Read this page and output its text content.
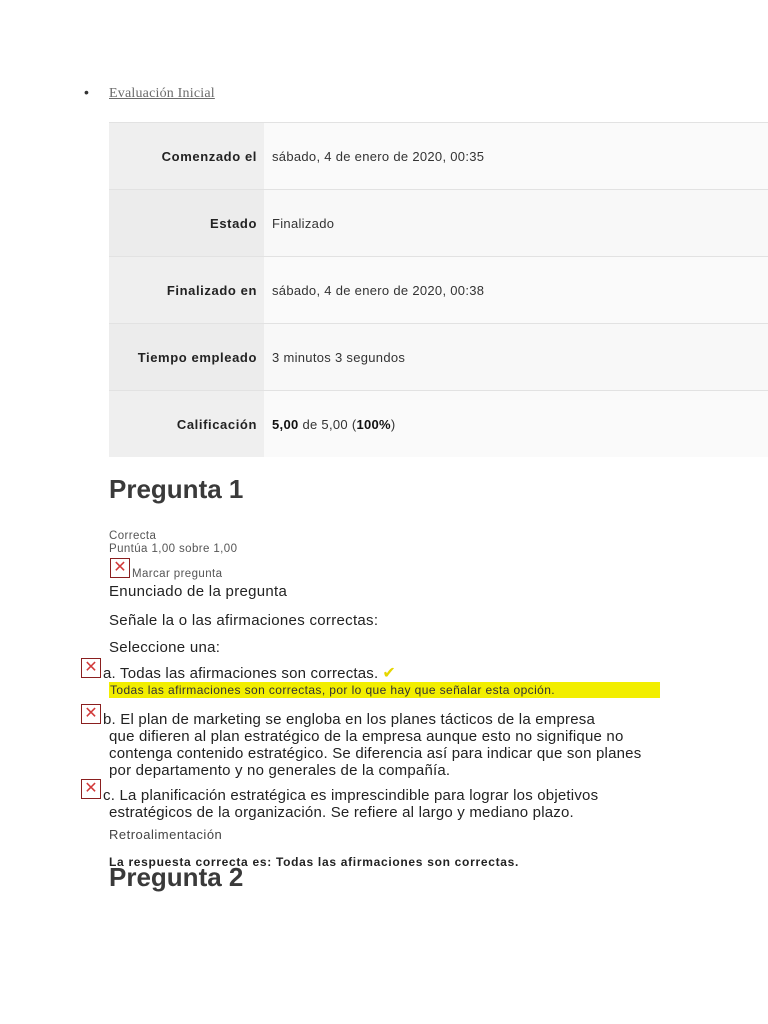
• Evaluación Inicial
Comenzado el	sábado, 4 de enero de 2020, 00:35
Estado	Finalizado
Finalizado en	sábado, 4 de enero de 2020, 00:38
Tiempo empleado	3 minutos 3 segundos
Calificación	5,00 de 5,00 (100%)
Pregunta 1
Correcta
Puntúa 1,00 sobre 1,00
✕ Marcar pregunta
Enunciado de la pregunta
Señale la o las afirmaciones correctas:
Seleccione una:
✕ a. Todas las afirmaciones son correctas. ✔
Todas las afirmaciones son correctas, por lo que hay que señalar esta opción.
✕ b. El plan de marketing se engloba en los planes tácticos de la empresa
que difieren al plan estratégico de la empresa aunque esto no signifique no contenga contenido estratégico. Se diferencia así para indicar que son planes por departamento y no generales de la compañía.
✕ c. La planificación estratégica es imprescindible para lograr los objetivos
estratégicos de la organización. Se refiere al largo y mediano plazo.
Retroalimentación
La respuesta correcta es: Todas las afirmaciones son correctas.
Pregunta 2
